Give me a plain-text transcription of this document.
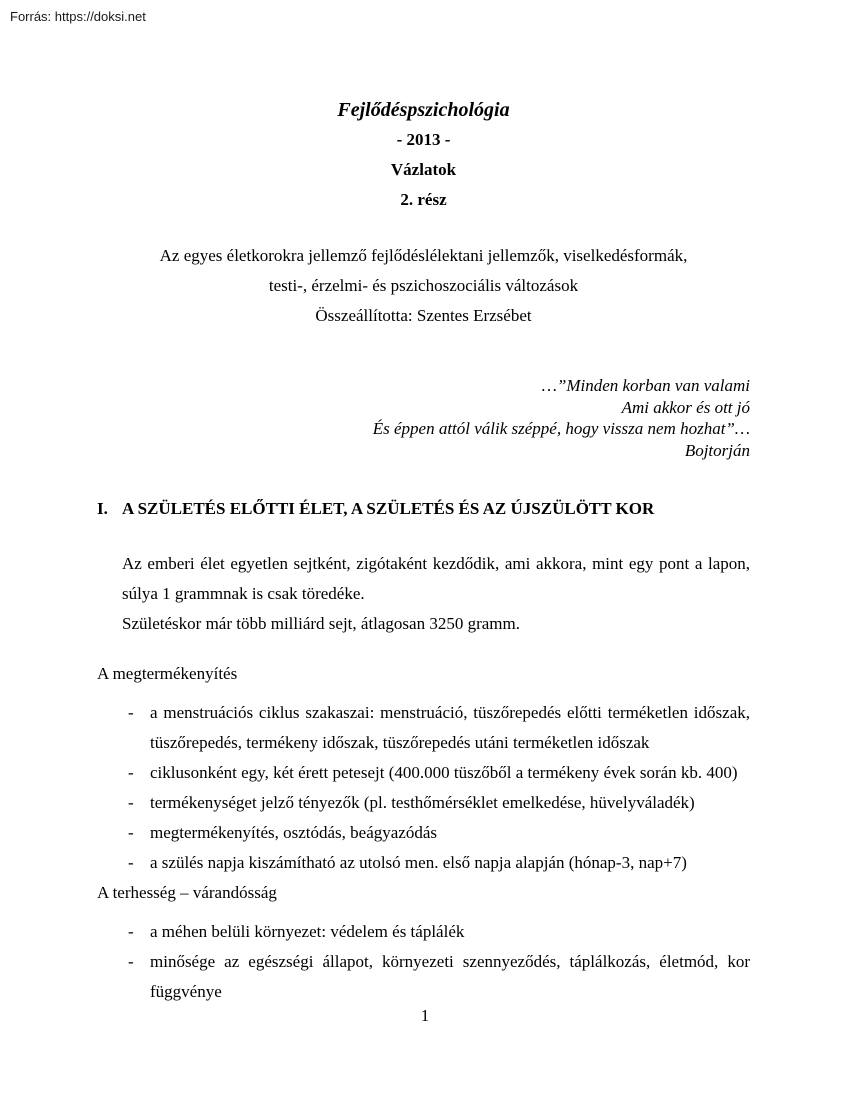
Forrás: https://doksi.net
Fejlődéspszichológia
- 2013 -
Vázlatok
2. rész
Az egyes életkorokra jellemző fejlődéslélektani jellemzők, viselkedésformák,
testi-, érzelmi- és pszichoszociális változások
Összeállította: Szentes Erzsébet
…”Minden korban van valami
Ami akkor és ott jó
És éppen attól válik széppé, hogy vissza nem hozhat”…
Bojtorján
I. A SZÜLETÉS ELŐTTI ÉLET, A SZÜLETÉS ÉS AZ ÚJSZÜLÖTT KOR
Az emberi élet egyetlen sejtként, zigótaként kezdődik, ami akkora, mint egy pont a lapon, súlya 1 grammnak is csak töredéke.
Születéskor már több milliárd sejt, átlagosan 3250 gramm.
A megtermékenyítés
- a menstruációs ciklus szakaszai: menstruáció, tüszőrepedés előtti terméketlen időszak, tüszőrepedés, termékeny időszak, tüszőrepedés utáni terméketlen időszak
- ciklusonként egy, két érett petesejt (400.000 tüszőből a termékeny évek során kb. 400)
- termékenységet jelző tényezők (pl. testhőmérséklet emelkedése, hüvelyváladék)
- megtermékenyítés, osztódás, beágyazódás
- a szülés napja kiszámítható az utolsó men. első napja alapján (hónap-3, nap+7)
A terhesség – várandósság
- a méhen belüli környezet: védelem és táplálék
- minősége az egészségi állapot, környezeti szennyeződés, táplálkozás, életmód, kor függvénye
1
